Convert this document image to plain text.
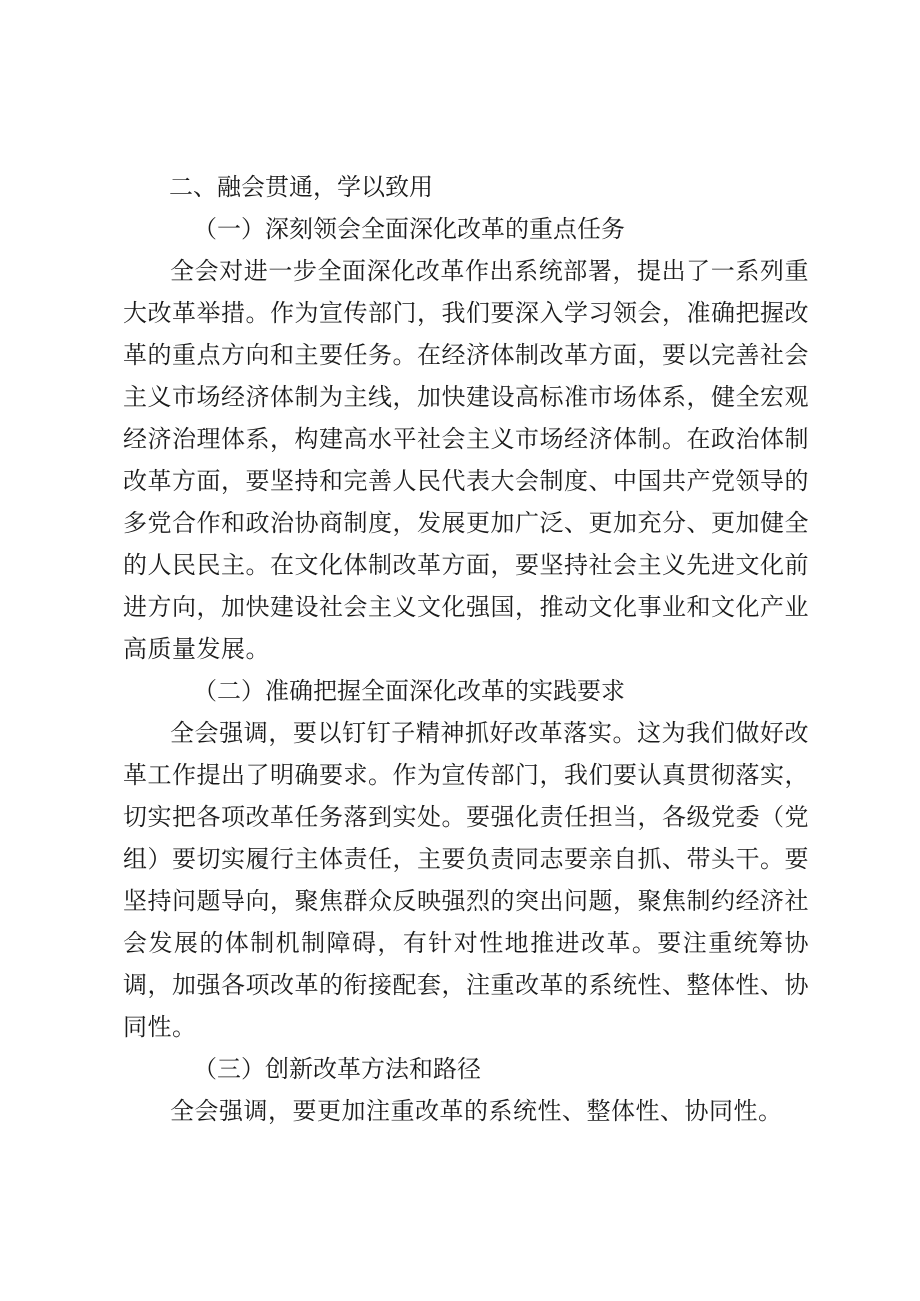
二、融会贯通，学以致用
（一）深刻领会全面深化改革的重点任务

全会对进一步全面深化改革作出系统部署，提出了一系列重大改革举措。作为宣传部门，我们要深入学习领会，准确把握改革的重点方向和主要任务。在经济体制改革方面，要以完善社会主义市场经济体制为主线，加快建设高标准市场体系，健全宏观经济治理体系，构建高水平社会主义市场经济体制。在政治体制改革方面，要坚持和完善人民代表大会制度、中国共产党领导的多党合作和政治协商制度，发展更加广泛、更加充分、更加健全的人民民主。在文化体制改革方面，要坚持社会主义先进文化前进方向，加快建设社会主义文化强国，推动文化事业和文化产业高质量发展。

（二）准确把握全面深化改革的实践要求

全会强调，要以钉钉子精神抓好改革落实。这为我们做好改革工作提出了明确要求。作为宣传部门，我们要认真贯彻落实，切实把各项改革任务落到实处。要强化责任担当，各级党委（党组）要切实履行主体责任，主要负责同志要亲自抓、带头干。要坚持问题导向，聚焦群众反映强烈的突出问题，聚焦制约经济社会发展的体制机制障碍，有针对性地推进改革。要注重统筹协调，加强各项改革的衔接配套，注重改革的系统性、整体性、协同性。

（三）创新改革方法和路径

全会强调，要更加注重改革的系统性、整体性、协同性。
